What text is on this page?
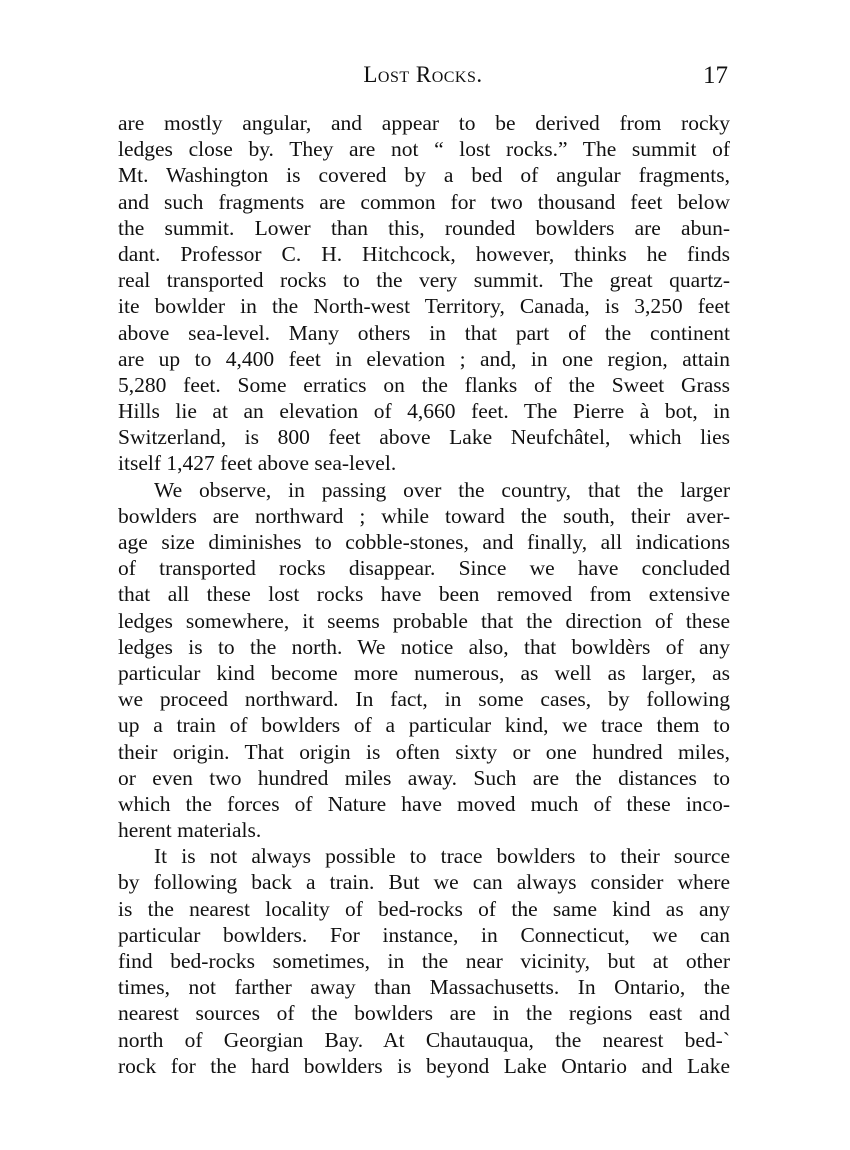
Lost Rocks.	17
are mostly angular, and appear to be derived from rocky
ledges close by. They are not “ lost rocks.” The summit of
Mt. Washington is covered by a bed of angular fragments,
and such fragments are common for two thousand feet below
the summit. Lower than this, rounded bowlders are abun-
dant. Professor C. H. Hitchcock, however, thinks he finds
real transported rocks to the very summit. The great quartz-
ite bowlder in the North-west Territory, Canada, is 3,250 feet
above sea-level. Many others in that part of the continent
are up to 4,400 feet in elevation ; and, in one region, attain
5,280 feet. Some erratics on the flanks of the Sweet Grass
Hills lie at an elevation of 4,660 feet. The Pierre à bot, in
Switzerland, is 800 feet above Lake Neufchâtel, which lies
itself 1,427 feet above sea-level.
We observe, in passing over the country, that the larger
bowlders are northward ; while toward the south, their aver-
age size diminishes to cobble-stones, and finally, all indications
of transported rocks disappear. Since we have concluded
that all these lost rocks have been removed from extensive
ledges somewhere, it seems probable that the direction of these
ledges is to the north. We notice also, that bowldèrs of any
particular kind become more numerous, as well as larger, as
we proceed northward. In fact, in some cases, by following
up a train of bowlders of a particular kind, we trace them to
their origin. That origin is often sixty or one hundred miles,
or even two hundred miles away. Such are the distances to
which the forces of Nature have moved much of these inco-
herent materials.
It is not always possible to trace bowlders to their source
by following back a train. But we can always consider where
is the nearest locality of bed-rocks of the same kind as any
particular bowlders. For instance, in Connecticut, we can
find bed-rocks sometimes, in the near vicinity, but at other
times, not farther away than Massachusetts. In Ontario, the
nearest sources of the bowlders are in the regions east and
north of Georgian Bay. At Chautauqua, the nearest bed-`
rock for the hard bowlders is beyond Lake Ontario and Lake
